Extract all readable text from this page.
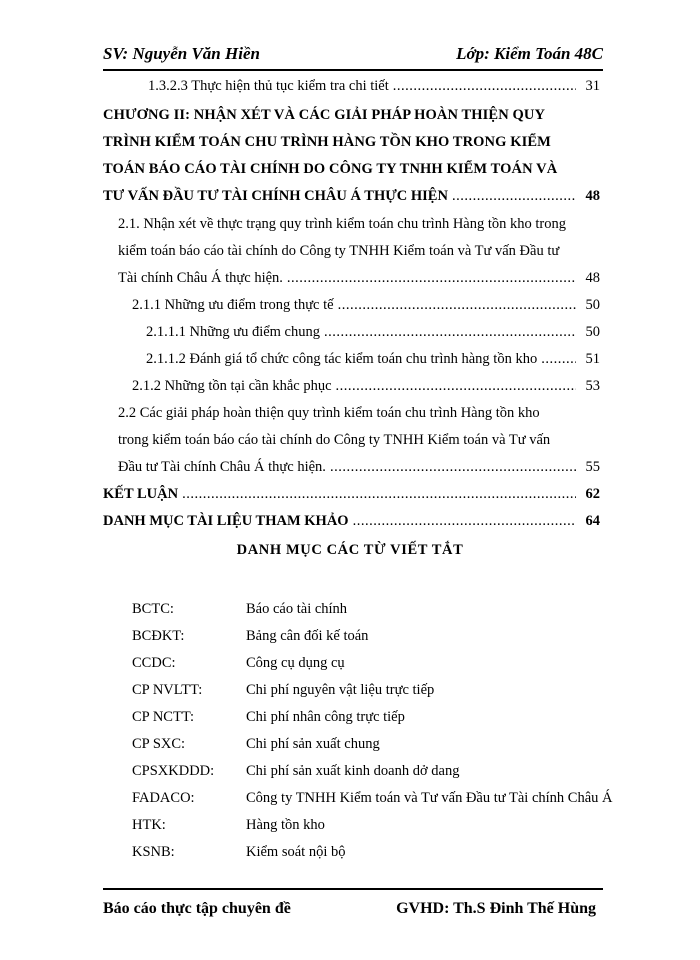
SV: Nguyễn Văn Hiền	Lớp: Kiểm Toán 48C
1.3.2.3 Thực hiện thủ tục kiểm tra chi tiết .....	31
CHƯƠNG II: NHẬN XÉT VÀ CÁC GIẢI PHÁP HOÀN THIỆN QUY
TRÌNH KIỂM TOÁN CHU TRÌNH HÀNG TỒN KHO TRONG KIỂM
TOÁN BÁO CÁO TÀI CHÍNH DO CÔNG TY TNHH KIỂM TOÁN VÀ
TƯ VẤN ĐẦU TƯ TÀI CHÍNH CHÂU Á THỰC HIỆN .....	48
2.1. Nhận xét về thực trạng quy trình kiểm toán chu trình Hàng tồn kho trong
kiểm toán báo cáo tài chính do Công ty TNHH Kiểm toán và Tư vấn Đầu tư
Tài chính Châu Á thực hiện. .....	48
2.1.1 Những ưu điểm trong thực tế .....	50
2.1.1.1 Những ưu điểm chung .....	50
2.1.1.2 Đánh giá tổ chức công tác kiểm toán chu trình hàng tồn kho .....	51
2.1.2 Những tồn tại cần khắc phục .....	53
2.2 Các giải pháp hoàn thiện quy trình kiểm toán chu trình Hàng tồn kho
trong kiểm toán báo cáo tài chính do Công ty TNHH Kiểm toán và Tư vấn
Đầu tư Tài chính Châu Á thực hiện. .....	55
KẾT LUẬN .....	62
DANH MỤC TÀI LIỆU THAM KHẢO .....	64
DANH MỤC CÁC TỪ VIẾT TẮT
BCTC:	Báo cáo tài chính
BCĐKT:	Bảng cân đối kế toán
CCDC:	Công cụ dụng cụ
CP NVLTT:	Chi phí nguyên vật liệu trực tiếp
CP NCTT:	Chi phí nhân công trực tiếp
CP SXC:	Chi phí sản xuất chung
CPSXKDDD: Chi phí sản xuất kinh doanh dở dang
FADACO:	Công ty TNHH Kiểm toán và Tư vấn Đầu tư Tài chính Châu Á
HTK:	Hàng tồn kho
KSNB:	Kiểm soát nội bộ
Báo cáo thực tập chuyên đề	GVHD: Th.S Đinh Thế Hùng
